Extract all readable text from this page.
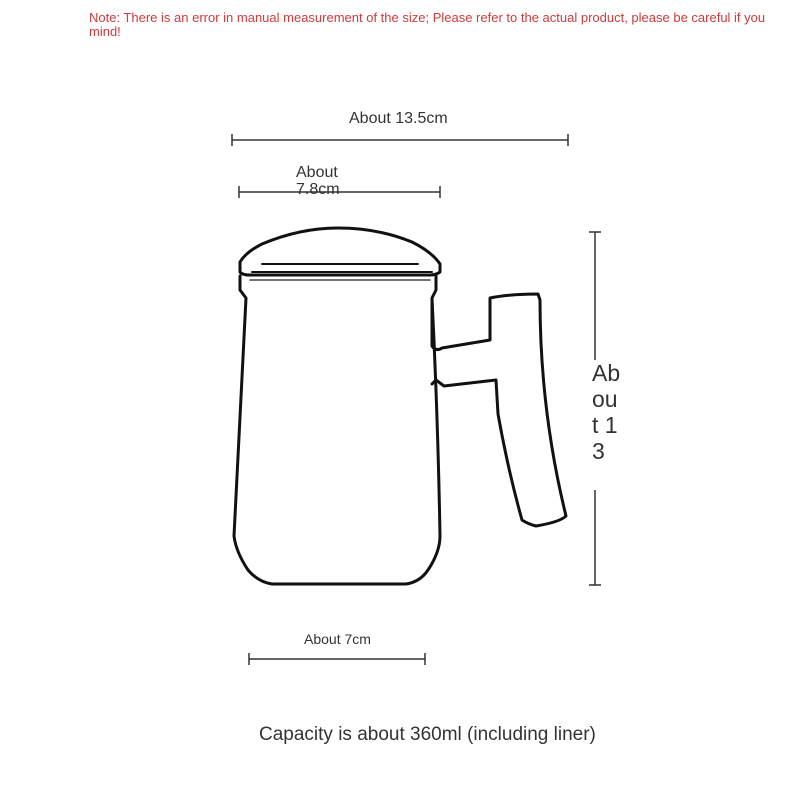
Note: There is an error in manual measurement of the size; Please refer to the actual product, please be careful if you mind!
About 13.5cm
About
7.8cm
About 13
About 7cm
Capacity is about 360ml (including liner)
